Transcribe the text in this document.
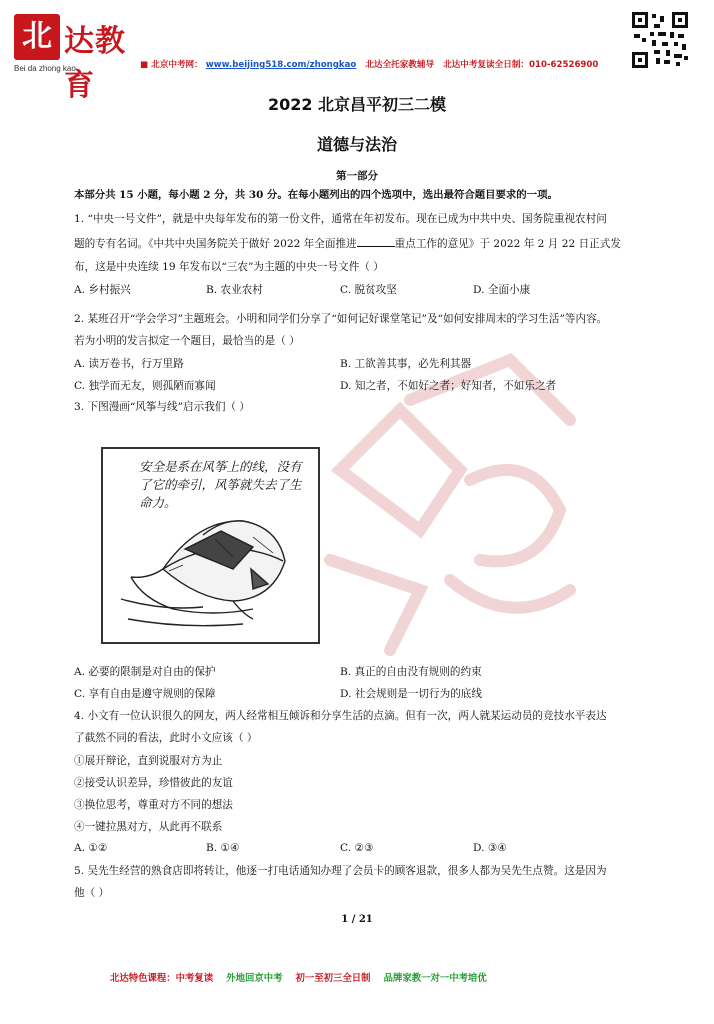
北 达教育
Bei da zhong kao	■ 北京中考网： www.beijing518.com/zhongkao 北达全托家教辅导 北达中考复读全日制：010-62526900
2022 北京昌平初三二模
道德与法治
第一部分
本部分共 15 小题，每小题 2 分，共 30 分。在每小题列出的四个选项中，选出最符合题目要求的一项。
1. “中央一号文件”，就是中央每年发布的第一份文件，通常在年初发布。现在已成为中共中央、国务院重视农村问
题的专有名词。《中共中央国务院关于做好 2022 年全面推进	重点工作的意见》于 2022 年 2 月 22 日正式发
布，这是中央连续 19 年发布以“三农”为主题的中央一号文件（ ）
A. 乡村振兴	B. 农业农村	C. 脱贫攻坚	D. 全面小康
2. 某班召开“学会学习”主题班会。小明和同学们分享了“如何记好课堂笔记”及“如何安排周末的学习生活”等内容。
若为小明的发言拟定一个题目，最恰当的是（ ）
A. 读万卷书，行万里路	B. 工欲善其事，必先利其器
C. 独学而无友，则孤陋而寡闻	D. 知之者，不如好之者；好知者，不如乐之者
3. 下图漫画“风筝与线”启示我们（ ）
安全是系在风筝上的线，没有了它的牵引，风筝就失去了生命力。
A. 必要的限制是对自由的保护	B. 真正的自由没有规则的约束
C. 享有自由是遵守规则的保障	D. 社会规则是一切行为的底线
4. 小文有一位认识很久的网友，两人经常相互倾诉和分享生活的点滴。但有一次，两人就某运动员的竞技水平表达
了截然不同的看法，此时小文应该（ ）
①展开辩论，直到说服对方为止
②接受认识差异，珍惜彼此的友谊
③换位思考，尊重对方不同的想法
④一键拉黑对方，从此再不联系
A. ①②	B. ①④	C. ②③	D. ③④
5. 吴先生经营的熟食店即将转让，他逐一打电话通知办理了会员卡的顾客退款，很多人都为吴先生点赞。这是因为
他（ ）
1 / 21
北达特色课程：中考复读 外地回京中考 初一至初三全日制 品牌家教一对一中考培优
